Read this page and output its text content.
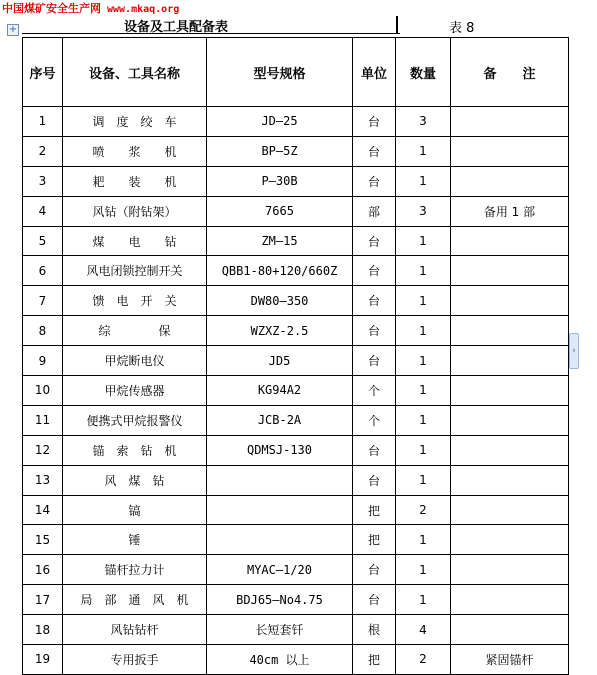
中国煤矿安全生产网 www.mkaq.org
+	设备及工具配备表	表 8
›
序号	设备、工具名称	型号规格	单位	数量	备　　注
1	调　度　绞　车	JD—25	台	3	
2	喷　　浆　　机	BP—5Z	台	1	
3	耙　　装　　机	P—30B	台	1	
4	风钻（附钻架）	7665	部	3	备用 1 部
5	煤　　电　　钻	ZM—15	台	1	
6	风电闭锁控制开关	QBB1-80+120/660Z	台	1	
7	馈　电　开　关	DW80—350	台	1	
8	综　　　　保	WZXZ-2.5	台	1	
9	甲烷断电仪	JD5	台	1	
10	甲烷传感器	KG94A2	个	1	
11	便携式甲烷报警仪	JCB-2A	个	1	
12	锚　索　钻　机	QDMSJ-130	台	1	
13	风　煤　钻		台	1	
14	镐		把	2	
15	锤		把	1	
16	锚杆拉力计	MYAC—1/20	台	1	
17	局　部　通　风　机	BDJ65—No4.75	台	1	
18	风钻钻杆	长短套钎	根	4	
19	专用扳手	40cm 以上	把	2	紧固锚杆
